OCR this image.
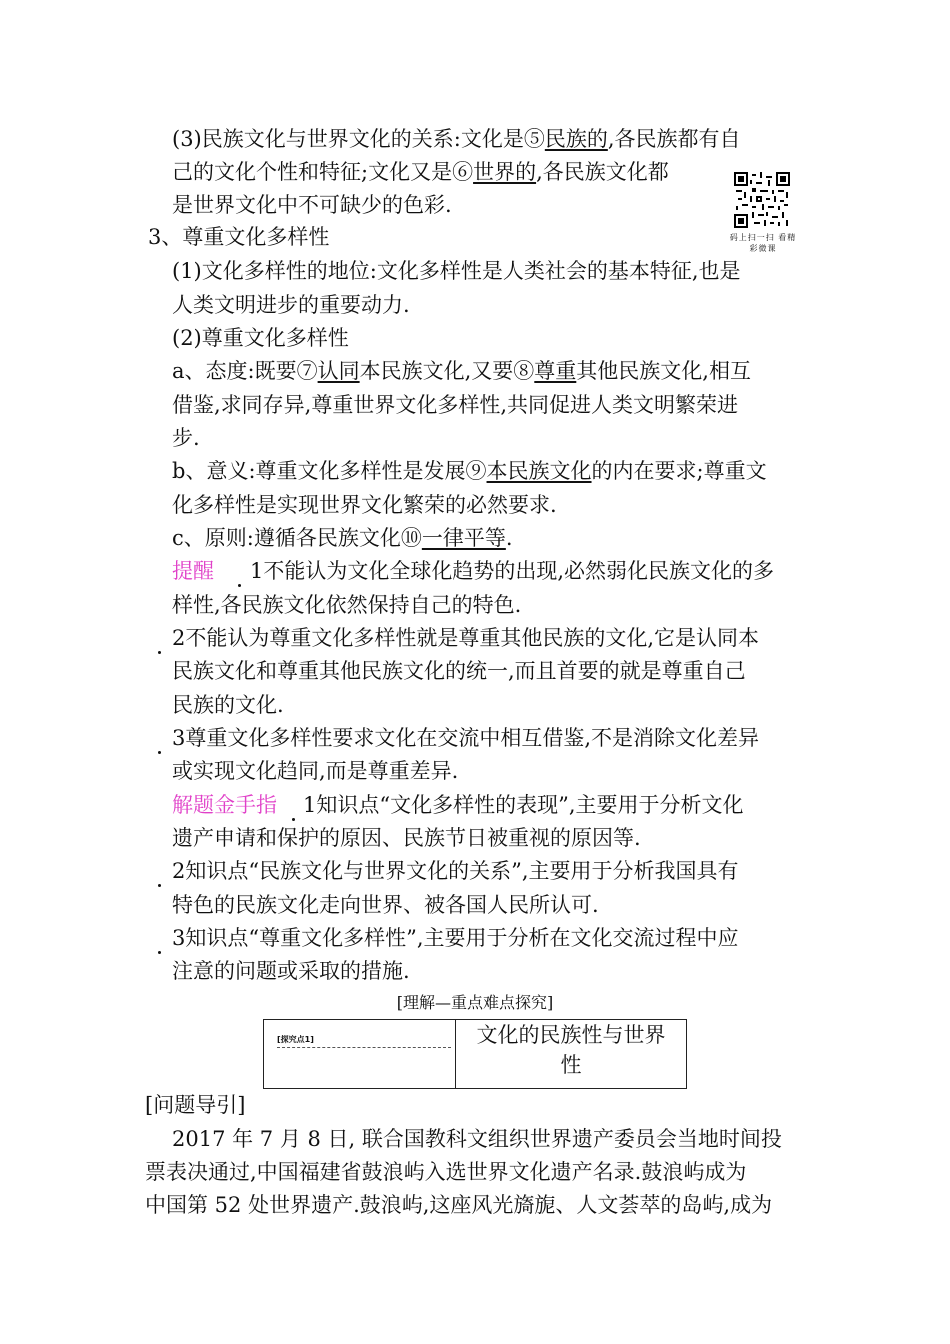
(3)民族文化与世界文化的关系:文化是⑤民族的,各民族都有自
己的文化个性和特征;文化又是⑥世界的,各民族文化都
是世界文化中不可缺少的色彩.
码上扫一扫 看精彩微课
3、尊重文化多样性
(1)文化多样性的地位:文化多样性是人类社会的基本特征,也是
人类文明进步的重要动力.
(2)尊重文化多样性
a、态度:既要⑦认同本民族文化,又要⑧尊重其他民族文化,相互
借鉴,求同存异,尊重世界文化多样性,共同促进人类文明繁荣进
步.
b、意义:尊重文化多样性是发展⑨本民族文化的内在要求;尊重文
化多样性是实现世界文化繁荣的必然要求.
c、原则:遵循各民族文化⑩一律平等.
提醒 1不能认为文化全球化趋势的出现,必然弱化民族文化的多
样性,各民族文化依然保持自己的特色.
2不能认为尊重文化多样性就是尊重其他民族的文化,它是认同本
民族文化和尊重其他民族文化的统一,而且首要的就是尊重自己
民族的文化.
3尊重文化多样性要求文化在交流中相互借鉴,不是消除文化差异
或实现文化趋同,而是尊重差异.
解题金手指 1知识点“文化多样性的表现”,主要用于分析文化
遗产申请和保护的原因、民族节日被重视的原因等.
2知识点“民族文化与世界文化的关系”,主要用于分析我国具有
特色的民族文化走向世界、被各国人民所认可.
3知识点“尊重文化多样性”,主要用于分析在文化交流过程中应
注意的问题或采取的措施.
[理解—重点难点探究]
[探究点1]	文化的民族性与世界
性
[问题导引]
2017 年 7 月 8 日, 联合国教科文组织世界遗产委员会当地时间投
票表决通过,中国福建省鼓浪屿入选世界文化遗产名录.鼓浪屿成为
中国第 52 处世界遗产.鼓浪屿,这座风光旖旎、人文荟萃的岛屿,成为
